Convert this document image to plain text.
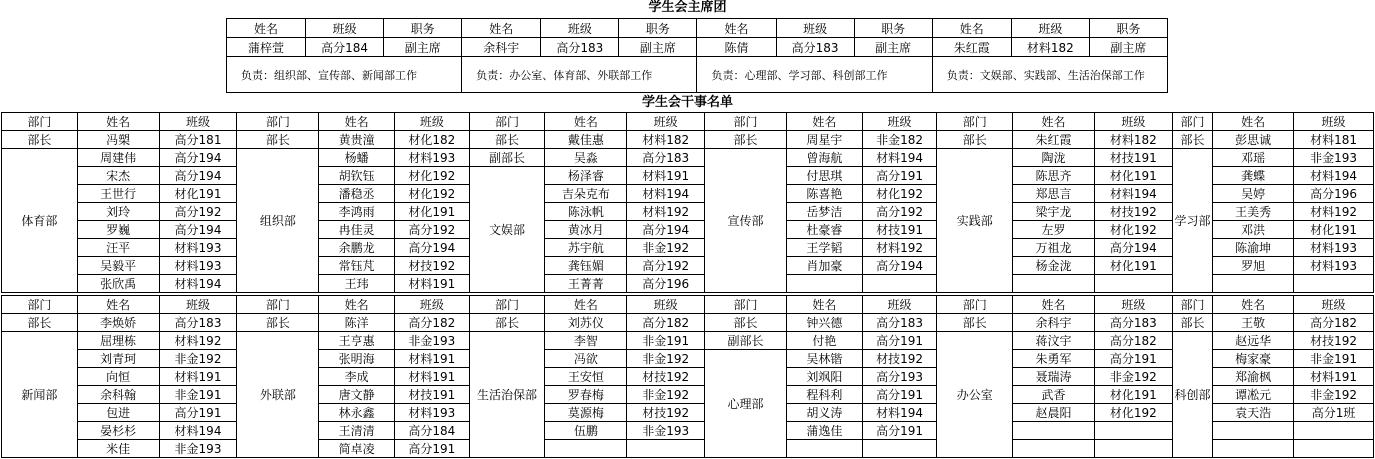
学生会主席团
姓名	班级	职务	姓名	班级	职务	姓名	班级	职务	姓名	班级	职务
蒲梓萱	高分184	副主席	余科宇	高分183	副主席	陈倩	高分183	副主席	朱红霞	材料182	副主席
负责：组织部、宣传部、新闻部工作			负责：办公室、体育部、外联部工作			负责：心理部、学习部、科创部工作			负责：文娱部、实践部、生活治保部工作		
学生会干事名单
部门	姓名	班级	部门	姓名	班级	部门	姓名	班级	部门	姓名	班级	部门	姓名	班级	部门	姓名	班级
部长	冯槊	高分181	部长	黄贵潼	材化182	部长	戴佳惠	材料182	部长	周星宇	非金182	部长	朱红霞	材料182	部长	彭思诚	材料181
体育部	周建伟	高分194	组织部	杨蟠	材料193	副部长	吴淼	高分183	宣传部	曾海航	材料194	实践部	陶泷	材技191	学习部	邓瑶	非金193
	宋杰	高分194		胡钦钰	材化192	文娱部	杨泽睿	材料191		付思琪	高分191		陈思齐	材化191		龚蝶	材料194
	王世行	材化191		潘稳丞	材化192		吉朵克布	材料194		陈喜艳	材化192		郑思言	材料194		吴婷	高分196
	刘玲	高分192		李鸿雨	材化191		陈泳帆	材料192		岳梦洁	高分192		梁宇龙	材技192		王美秀	材料192
	罗巍	高分194		冉佳灵	高分192		黄冰月	高分194		杜豪睿	材技191		左罗	材化192		邓洪	材化191
	汪平	材料193		余鹏龙	高分194		苏宇航	非金192		王学韬	材料192		万祖龙	高分194		陈渝坤	材料193
	吴毅平	材料193		常钰芃	材技192		龚钰媚	高分192		肖加豪	高分194		杨金泷	材化191		罗旭	材料193
	张欣禹	材料194		王玮	材料191		王菁菁	高分196									
部门	姓名	班级	部门	姓名	班级	部门	姓名	班级	部门	姓名	班级	部门	姓名	班级	部门	姓名	班级
部长	李焕娇	高分183	部长	陈洋	高分182	部长	刘苏仪	高分182	部长	钟兴德	高分183	部长	余科宇	高分183	部长	王敬	高分182
新闻部	屈理栋	材料192	外联部	王亨惠	非金193	生活治保部	李智	非金191	副部长	付艳	高分191	办公室	蒋汶宇	高分182	科创部	赵远华	材技192
	刘青珂	非金192		张明海	材料191		冯欲	非金192	心理部	吴林锴	材技192		朱勇军	高分191		梅家豪	非金191
	向恒	材料191		李成	材料191		王安恒	材技192		刘飒阳	高分193		聂瑞涛	非金192		郑渝枫	材料191
	余科翰	非金191		唐文静	材技191		罗春梅	非金192		程科利	高分191		武香	材化191		谭凇元	非金192
	包进	高分191		林永鑫	材料193		莫源梅	材技192		胡义涛	材料194		赵晨阳	材化192		袁天浩	高分1班
	晏杉杉	材料194		王清清	高分184		伍鹏	非金193		蒲逸佳	高分191						
	米佳	非金193		简卓凌	高分191												
